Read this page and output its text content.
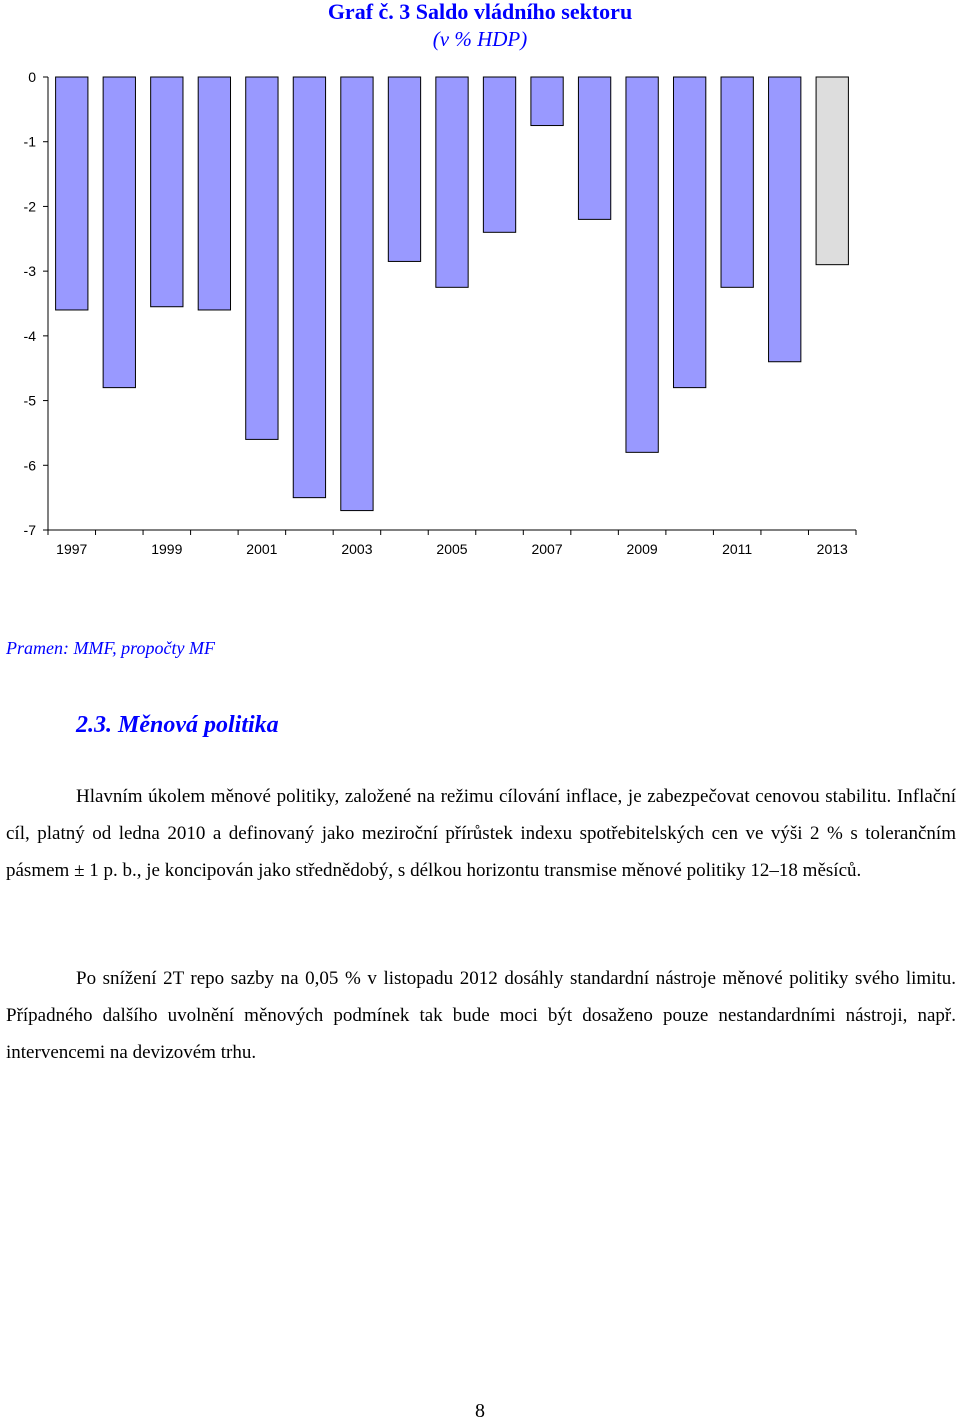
Graf č. 3 Saldo vládního sektoru
(v % HDP)
0
-1
-2
-3
-4
-5
-6
-7
1997	1999	2001	2003	2005	2007	2009	2011	2013
Pramen: MMF, propočty MF
2.3. Měnová politika

Hlavním úkolem měnové politiky, založené na režimu cílování inflace, je zabezpečovat cenovou stabilitu. Inflační cíl, platný od ledna 2010 a definovaný jako meziroční přírůstek indexu spotřebitelských cen ve výši 2 % s tolerančním pásmem ± 1 p. b., je koncipován jako střednědobý, s délkou horizontu transmise měnové politiky 12–18 měsíců.

Po snížení 2T repo sazby na 0,05 % v listopadu 2012 dosáhly standardní nástroje měnové politiky svého limitu. Případného dalšího uvolnění měnových podmínek tak bude moci být dosaženo pouze nestandardními nástroji, např. intervencemi na devizovém trhu.

8
